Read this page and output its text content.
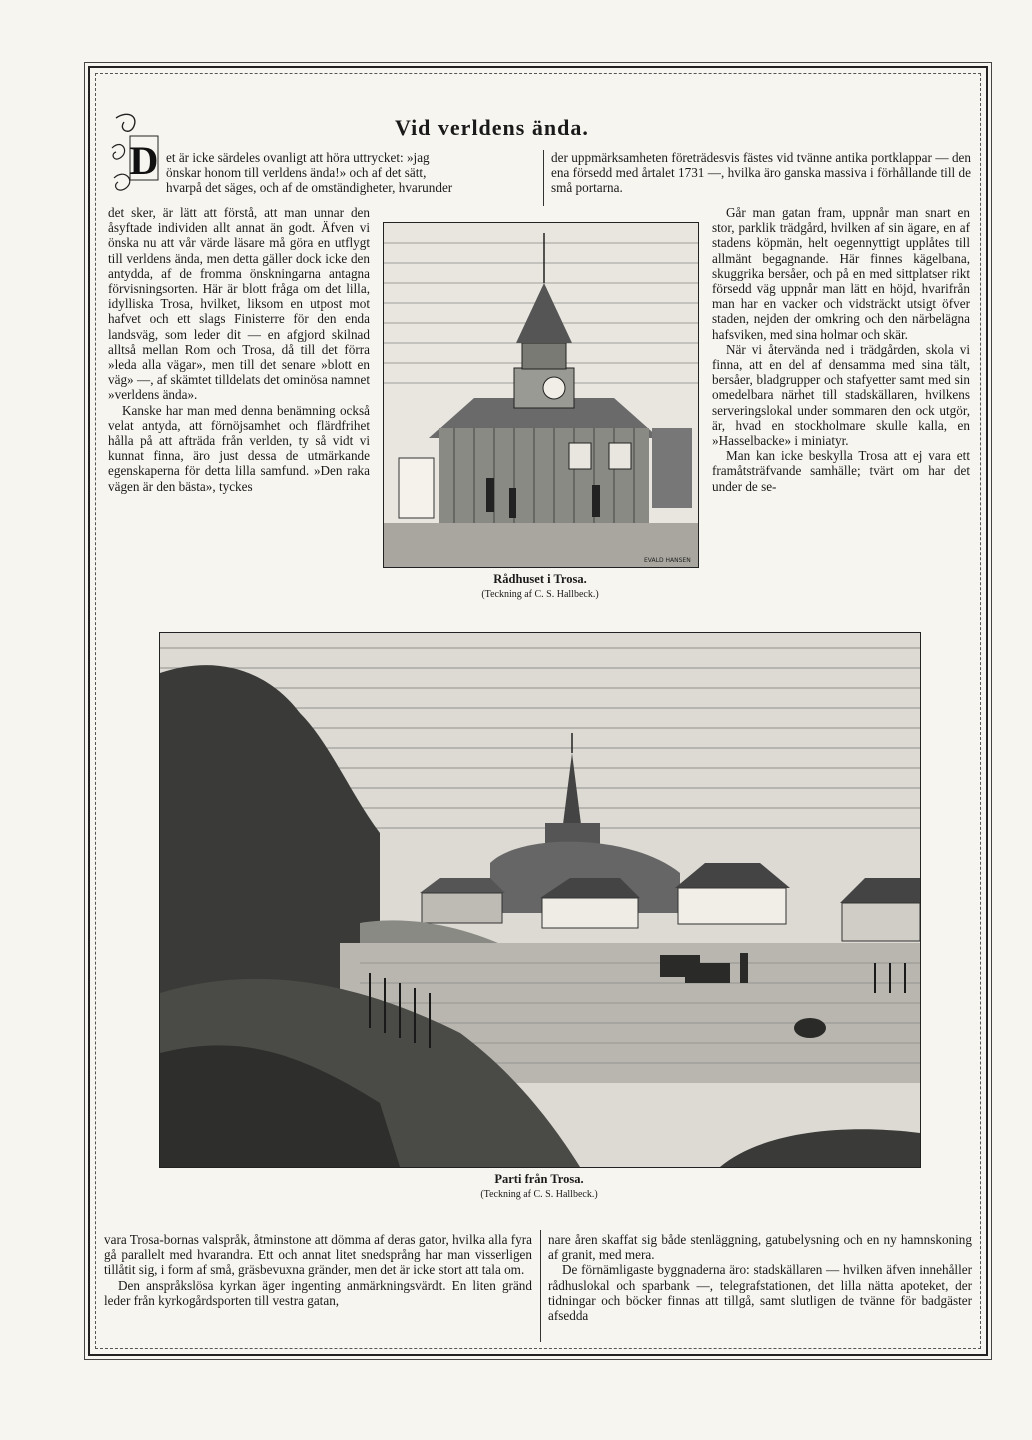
D
Vid verldens ända.

et är icke särdeles ovanligt att höra uttrycket: »jag

önskar honom till verldens ända!» och af det sätt,

hvarpå det säges, och af de omständigheter, hvarunder

der uppmärksamheten företrädesvis fästes vid tvänne antika portklappar — den ena försedd med årtalet 1731 —, hvilka äro ganska massiva i förhållande till de små portarna.

det sker, är lätt att förstå, att man unnar den åsyftade individen allt annat än godt. Äfven vi önska nu att vår värde läsare må göra en utflygt till verldens ända, men detta gäller dock icke den antydda, af de fromma önskningarna antagna förvisningsorten. Här är blott fråga om det lilla, idylliska Trosa, hvilket, liksom en utpost mot hafvet och ett slags Finisterre för den enda landsväg, som leder dit — en afgjord skilnad alltså mellan Rom och Trosa, då till det förra »leda alla vägar», men till det senare »blott en väg» —, af skämtet tilldelats det ominösa namnet »verldens ända».

Kanske har man med denna benämning också velat antyda, att förnöjsamhet och flärdfrihet hålla på att afträda från verlden, ty så vidt vi kunnat finna, äro just dessa de utmärkande egenskaperna för detta lilla samfund. »Den raka vägen är den bästa», tyckes

EVALD HANSEN
Rådhuset i Trosa.
(Teckning af C. S. Hallbeck.)

Går man gatan fram, uppnår man snart en stor, parklik trädgård, hvilken af sin ägare, en af stadens köpmän, helt oegennyttigt upplåtes till allmänt begagnande. Här finnes kägelbana, skuggrika bersåer, och på en med sittplatser rikt försedd väg uppnår man lätt en höjd, hvarifrån man har en vacker och vidsträckt utsigt öfver staden, nejden der omkring och den närbelägna hafsviken, med sina holmar och skär.

När vi återvända ned i trädgården, skola vi finna, att en del af densamma med sina tält, bersåer, bladgrupper och stafyetter samt med sin omedelbara närhet till stadskällaren, hvilkens serveringslokal under sommaren den ock utgör, är, hvad en stockholmare skulle kalla, en »Hasselbacke» i miniatyr.

Man kan icke beskylla Trosa att ej vara ett framåtsträfvande samhälle; tvärt om har det under de se-

Parti från Trosa.
(Teckning af C. S. Hallbeck.)

vara Trosa-bornas valspråk, åtminstone att dömma af deras gator, hvilka alla fyra gå parallelt med hvarandra. Ett och annat litet snedsprång har man visserligen tillåtit sig, i form af små, gräsbevuxna gränder, men det är icke stort att tala om.

Den anspråkslösa kyrkan äger ingenting anmärkningsvärdt. En liten gränd leder från kyrkogårdsporten till vestra gatan,

nare åren skaffat sig både stenläggning, gatubelysning och en ny hamnskoning af granit, med mera.

De förnämligaste byggnaderna äro: stadskällaren — hvilken äfven innehåller rådhuslokal och sparbank —, telegrafstationen, det lilla nätta apoteket, der tidningar och böcker finnas att tillgå, samt slutligen de tvänne för badgäster afsedda
